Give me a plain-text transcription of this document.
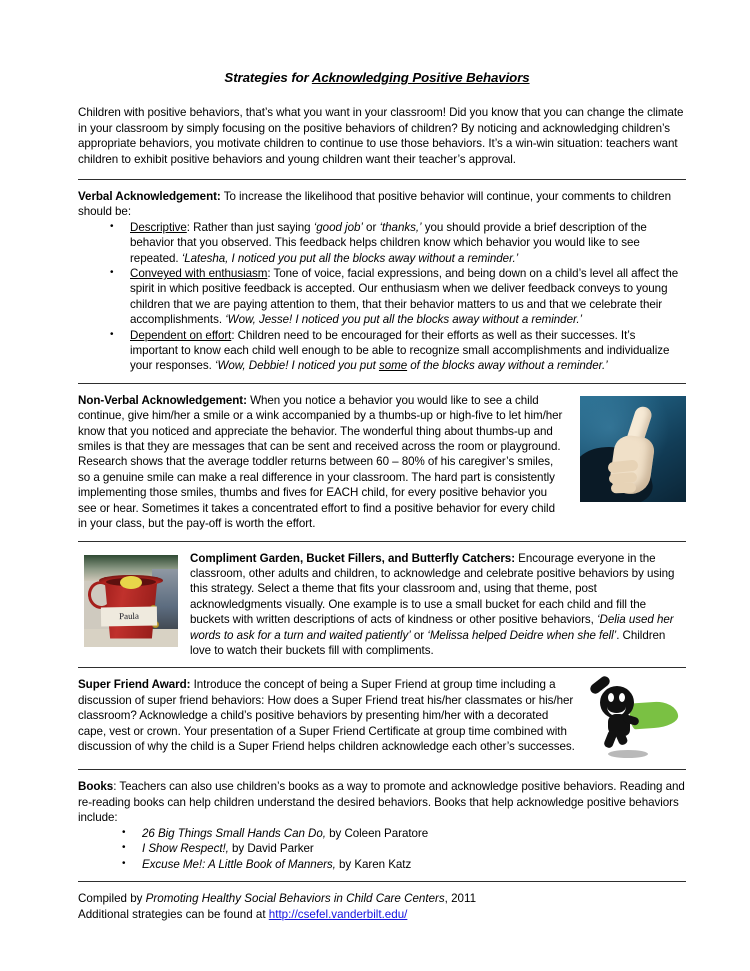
Strategies for Acknowledging Positive Behaviors

Children with positive behaviors, that’s what you want in your classroom! Did you know that you can change the climate in your classroom by simply focusing on the positive behaviors of children? By noticing and acknowledging children’s appropriate behaviors, you motivate children to continue to use those behaviors. It’s a win-win situation: teachers want children to exhibit positive behaviors and young children want their teacher’s approval.

Verbal Acknowledgement: To increase the likelihood that positive behavior will continue, your comments to children should be:

• Descriptive: Rather than just saying ‘good job’ or ‘thanks,’ you should provide a brief description of the behavior that you observed. This feedback helps children know which behavior you would like to see repeated. ‘Latesha, I noticed you put all the blocks away without a reminder.’
• Conveyed with enthusiasm: Tone of voice, facial expressions, and being down on a child’s level all affect the spirit in which positive feedback is accepted. Our enthusiasm when we deliver feedback conveys to young children that we are paying attention to them, that their behavior matters to us and that we celebrate their accomplishments. ‘Wow, Jesse! I noticed you put all the blocks away without a reminder.’
• Dependent on effort: Children need to be encouraged for their efforts as well as their successes. It’s important to know each child well enough to be able to recognize small accomplishments and individualize your responses. ‘Wow, Debbie! I noticed you put some of the blocks away without a reminder.’

Non-Verbal Acknowledgement: When you notice a behavior you would like to see a child continue, give him/her a smile or a wink accompanied by a thumbs-up or high-five to let him/her know that you noticed and appreciate the behavior. The wonderful thing about thumbs-up and smiles is that they are messages that can be sent and received across the room or playground. Research shows that the average toddler returns between 60 – 80% of his caregiver’s smiles, so a genuine smile can make a real difference in your classroom. The hard part is consistently implementing those smiles, thumbs and fives for EACH child, for every positive behavior you see or hear. Sometimes it takes a concentrated effort to find a positive behavior for every child in your class, but the pay-off is worth the effort.

Paula

Compliment Garden, Bucket Fillers, and Butterfly Catchers: Encourage everyone in the classroom, other adults and children, to acknowledge and celebrate positive behaviors by using this strategy. Select a theme that fits your classroom and, using that theme, post acknowledgments visually. One example is to use a small bucket for each child and fill the buckets with written descriptions of acts of kindness or other positive behaviors, ‘Delia used her words to ask for a turn and waited patiently’ or ‘Melissa helped Deidre when she fell’. Children love to watch their buckets fill with compliments.

Super Friend Award: Introduce the concept of being a Super Friend at group time including a discussion of super friend behaviors: How does a Super Friend treat his/her classmates or his/her classroom? Acknowledge a child’s positive behaviors by presenting him/her with a decorated cape, vest or crown. Your presentation of a Super Friend Certificate at group time combined with discussion of why the child is a Super Friend helps children acknowledge each other’s successes.

Books: Teachers can also use children’s books as a way to promote and acknowledge positive behaviors. Reading and re-reading books can help children understand the desired behaviors. Books that help acknowledge positive behaviors include:

• 26 Big Things Small Hands Can Do, by Coleen Paratore
• I Show Respect!, by David Parker
• Excuse Me!: A Little Book of Manners, by Karen Katz

Compiled by Promoting Healthy Social Behaviors in Child Care Centers, 2011

Additional strategies can be found at http://csefel.vanderbilt.edu/
